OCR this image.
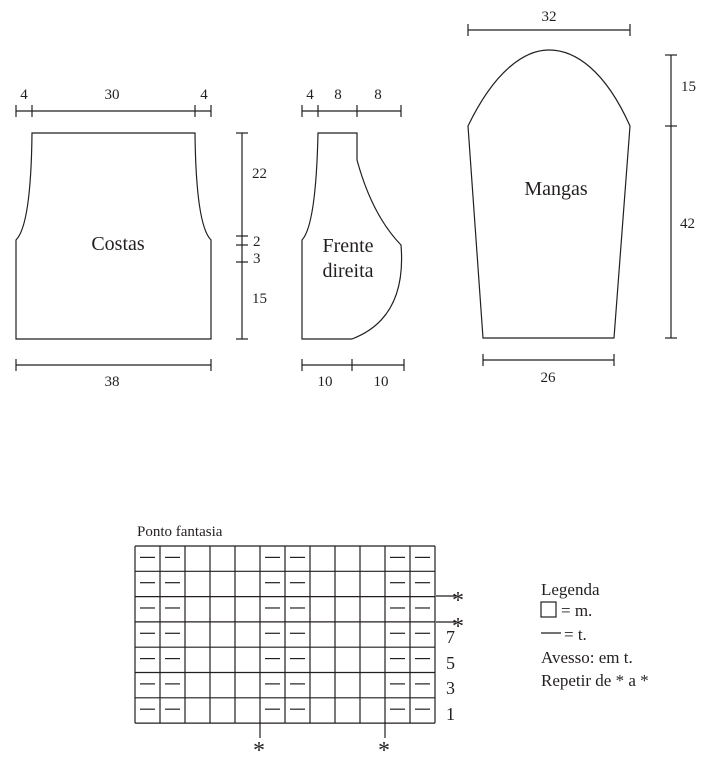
4	30	4
22
2
3
15
38
Costas
4 8 8
Frente
direita
10	10
32
15
42
26
Mangas
Ponto fantasia
7
5
3
1
*
*
*	*
Legenda
= m.
= t.
Avesso: em t.
Repetir de * a *
